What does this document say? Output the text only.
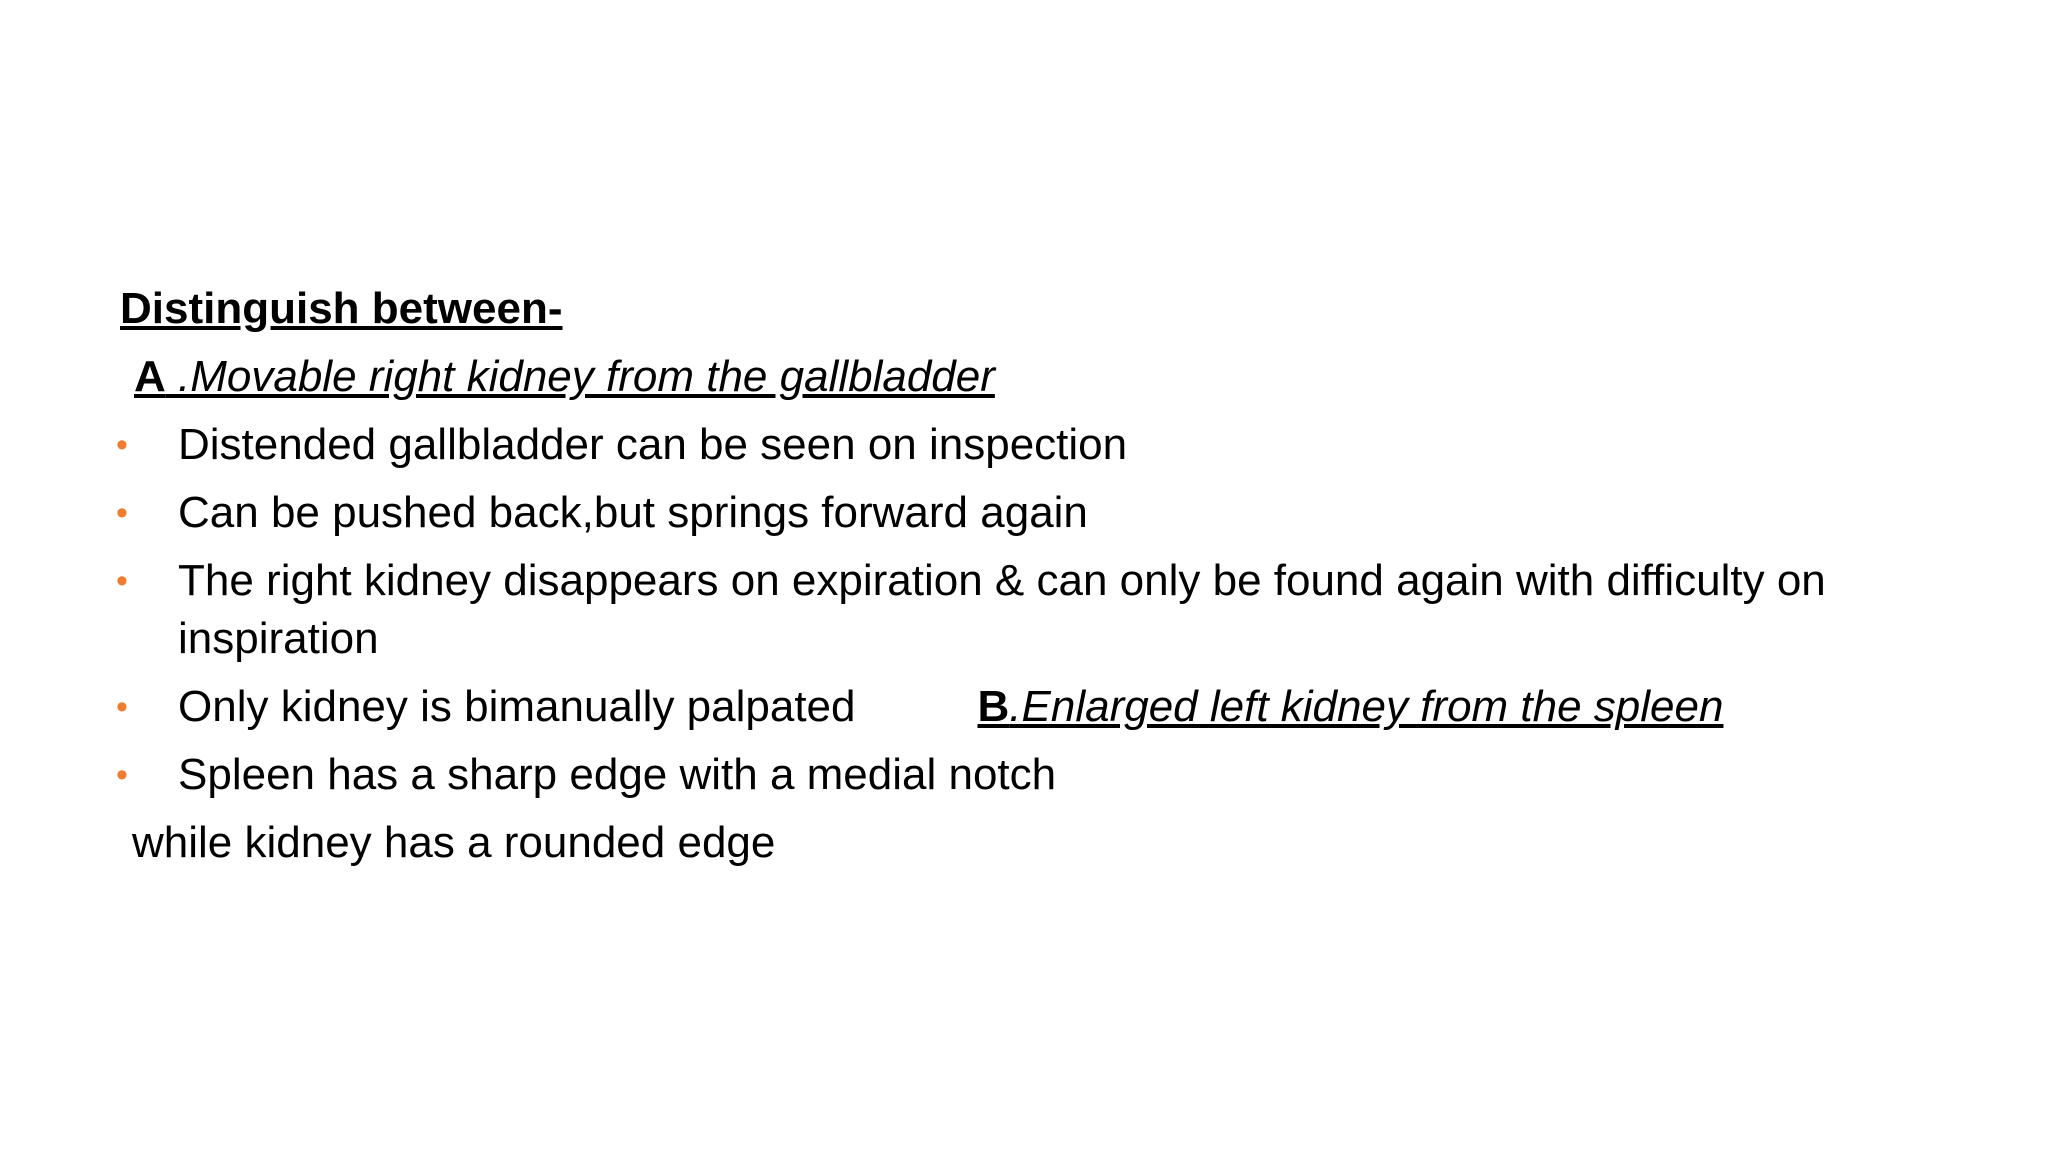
Distinguish between-
A .Movable right kidney from the gallbladder
• Distended gallbladder can be seen on inspection
• Can be pushed back,but springs forward again
• The right kidney disappears on expiration & can only be found again with difficulty on inspiration
• Only kidney is bimanually palpated	B.Enlarged left kidney from the spleen
• Spleen has a sharp edge with a medial notch
while kidney has a rounded edge
